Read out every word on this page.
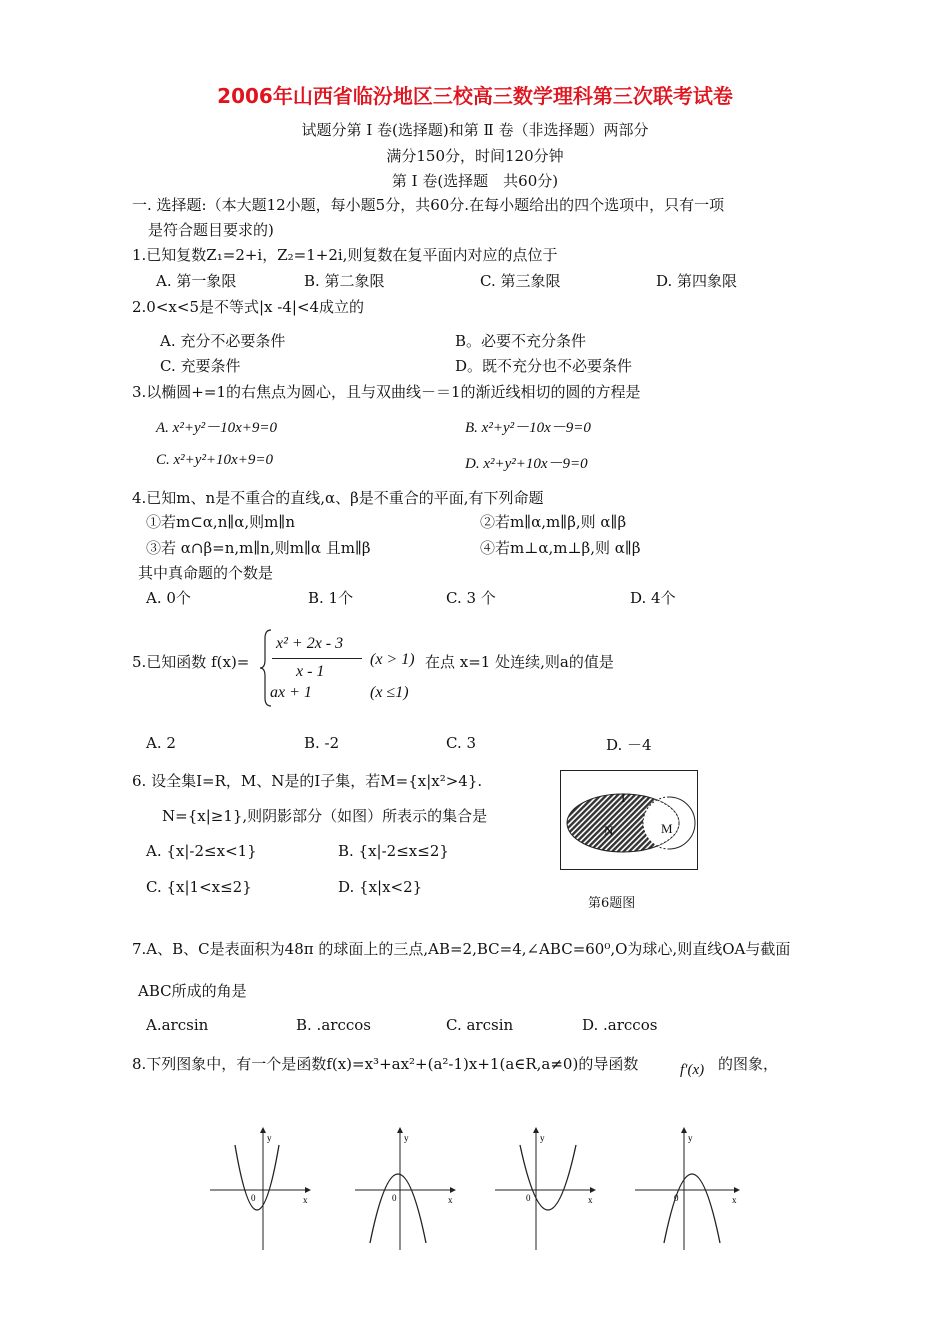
2006年山西省临汾地区三校高三数学理科第三次联考试卷
试题分第 Ⅰ 卷(选择题)和第 Ⅱ 卷（非选择题）两部分
满分150分，时间120分钟
第 Ⅰ 卷(选择题　共60分)
一. 选择题:（本大题12小题，每小题5分，共60分.在每小题给出的四个选项中，只有一项
是符合题目要求的)
1.已知复数Z₁=2+i，Z₂=1+2i,则复数在复平面内对应的点位于
A. 第一象限	B. 第二象限	C. 第三象限	D. 第四象限
2.0<x<5是不等式|x -4|<4成立的
A. 充分不必要条件	B。必要不充分条件
C. 充要条件	D。既不充分也不必要条件
3.以椭圆+=1的右焦点为圆心，且与双曲线－＝1的渐近线相切的圆的方程是
A. x²+y²－10x+9=0	B. x²+y²－10x－9=0
C. x²+y²+10x+9=0	D. x²+y²+10x－9=0
4.已知m、n是不重合的直线,α、β是不重合的平面,有下列命题
①若m⊂α,n∥α,则m∥n	②若m∥α,m∥β,则 α∥β
③若 α∩β=n,m∥n,则m∥α 且m∥β	④若m⊥α,m⊥β,则 α∥β
其中真命题的个数是
A. 0个	B. 1个	C. 3 个	D. 4个
5.已知函数 f(x)=
x² + 2x - 3
x - 1
(x > 1) 在点 x=1 处连续,则a的值是
ax + 1	(x ≤1)
A. 2	B. -2	C. 3	D. －4
6. 设全集I=R，M、N是的Ⅰ子集，若M={x|x²>4}.
N={x|≥1},则阴影部分（如图）所表示的集合是
A. {x|-2≤x<1}	B. {x|-2≤x≤2}
C. {x|1<x≤2}	D. {x|x<2}
I
N	M
第6题图
7.A、B、C是表面积为48π 的球面上的三点,AB=2,BC=4,∠ABC=60⁰,O为球心,则直线OA与截面
ABC所成的角是
A.arcsin	B. .arccos	C. arcsin	D. .arccos
8.下列图象中，有一个是函数f(x)=x³+ax²+(a²-1)x+1(a∈R,a≠0)的导函数	f′(x) 的图象，
y
x
0
y
x
0
y
x
0
y
x
0
